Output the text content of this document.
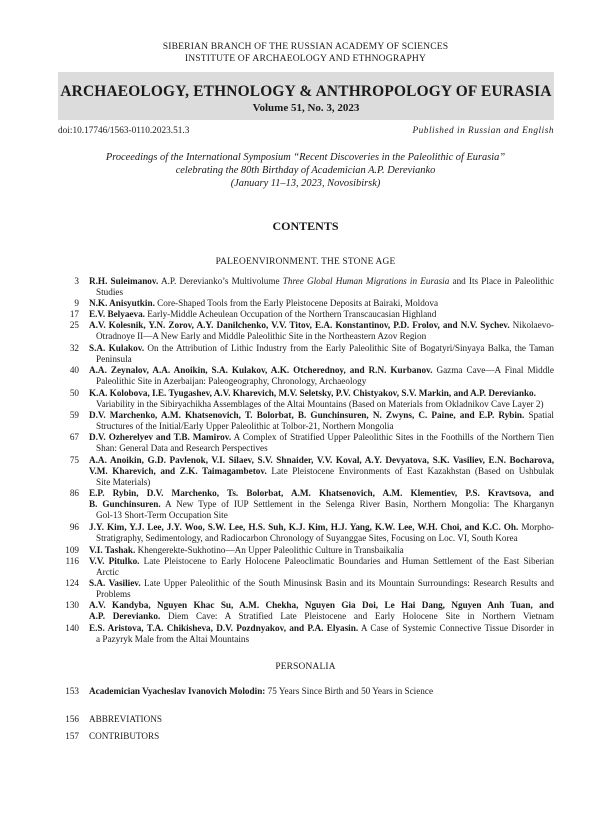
SIBERIAN BRANCH OF THE RUSSIAN ACADEMY OF SCIENCES
INSTITUTE OF ARCHAEOLOGY AND ETHNOGRAPHY
ARCHAEOLOGY, ETHNOLOGY & ANTHROPOLOGY OF EURASIA
Volume 51, No. 3, 2023
doi:10.17746/1563-0110.2023.51.3	Published in Russian and English
Proceedings of the International Symposium “Recent Discoveries in the Paleolithic of Eurasia”
celebrating the 80th Birthday of Academician A.P. Derevianko
(January 11–13, 2023, Novosibirsk)
CONTENTS
PALEOENVIRONMENT. THE STONE AGE
3 R.H. Suleimanov. A.P. Derevianko’s Multivolume Three Global Human Migrations in Eurasia and Its Place in Paleolithic
Studies
9 N.K. Anisyutkin. Core-Shaped Tools from the Early Pleistocene Deposits at Bairaki, Moldova
17 E.V. Belyaeva. Early-Middle Acheulean Occupation of the Northern Transcaucasian Highland
25 A.V. Kolesnik, Y.N. Zorov, A.Y. Danilchenko, V.V. Titov, E.A. Konstantinov, P.D. Frolov, and N.V. Sychev. Nikolaevo-
Otradnoye II—A New Early and Middle Paleolithic Site in the Northeastern Azov Region
32 S.A. Kulakov. On the Attribution of Lithic Industry from the Early Paleolithic Site of Bogatyri/Sinyaya Balka, the Taman
Peninsula
40 A.A. Zeynalov, A.A. Anoikin, S.A. Kulakov, A.K. Otcherednoy, and R.N. Kurbanov. Gazma Cave—A Final Middle
Paleolithic Site in Azerbaijan: Paleogeography, Chronology, Archaeology
50 K.A. Kolobova, I.E. Tyugashev, A.V. Kharevich, M.V. Seletsky, P.V. Chistyakov, S.V. Markin, and A.P. Derevianko.
Variability in the Sibiryachikha Assemblages of the Altai Mountains (Based on Materials from Okladnikov Cave Layer 2)
59 D.V. Marchenko, A.M. Khatsenovich, T. Bolorbat, B. Gunchinsuren, N. Zwyns, C. Paine, and E.P. Rybin. Spatial
Structures of the Initial/Early Upper Paleolithic at Tolbor-21, Northern Mongolia
67 D.V. Ozherelyev and T.B. Mamirov. A Complex of Stratified Upper Paleolithic Sites in the Foothills of the Northern Tien
Shan: General Data and Research Perspectives
75 A.A. Anoikin, G.D. Pavlenok, V.I. Silaev, S.V. Shnaider, V.V. Koval, A.Y. Devyatova, S.K. Vasiliev, E.N. Bocharova,
V.M. Kharevich, and Z.K. Taimagambetov. Late Pleistocene Environments of East Kazakhstan (Based on Ushbulak
Site Materials)
86 E.P. Rybin, D.V. Marchenko, Ts. Bolorbat, A.M. Khatsenovich, A.M. Klementiev, P.S. Kravtsova, and
B. Gunchinsuren. A New Type of IUP Settlement in the Selenga River Basin, Northern Mongolia: The Kharganyn
Gol-13 Short-Term Occupation Site
96 J.Y. Kim, Y.J. Lee, J.Y. Woo, S.W. Lee, H.S. Suh, K.J. Kim, H.J. Yang, K.W. Lee, W.H. Choi, and K.C. Oh. Morpho-
Stratigraphy, Sedimentology, and Radiocarbon Chronology of Suyanggae Sites, Focusing on Loc. VI, South Korea
109 V.I. Tashak. Khengerekte-Sukhotino—An Upper Paleolithic Culture in Transbaikalia
116 V.V. Pitulko. Late Pleistocene to Early Holocene Paleoclimatic Boundaries and Human Settlement of the East Siberian
Arctic
124 S.A. Vasiliev. Late Upper Paleolithic of the South Minusinsk Basin and its Mountain Surroundings: Research Results and
Problems
130 A.V. Kandyba, Nguyen Khac Su, A.M. Chekha, Nguyen Gia Doi, Le Hai Dang, Nguyen Anh Tuan, and
A.P. Derevianko. Diem Cave: A Stratified Late Pleistocene and Early Holocene Site in Northern Vietnam
140 E.S. Aristova, T.A. Chikisheva, D.V. Pozdnyakov, and P.A. Elyasin. A Case of Systemic Connective Tissue Disorder in
a Pazyryk Male from the Altai Mountains
PERSONALIA
153 Academician Vyacheslav Ivanovich Molodin: 75 Years Since Birth and 50 Years in Science
156 ABBREVIATIONS
157 CONTRIBUTORS
